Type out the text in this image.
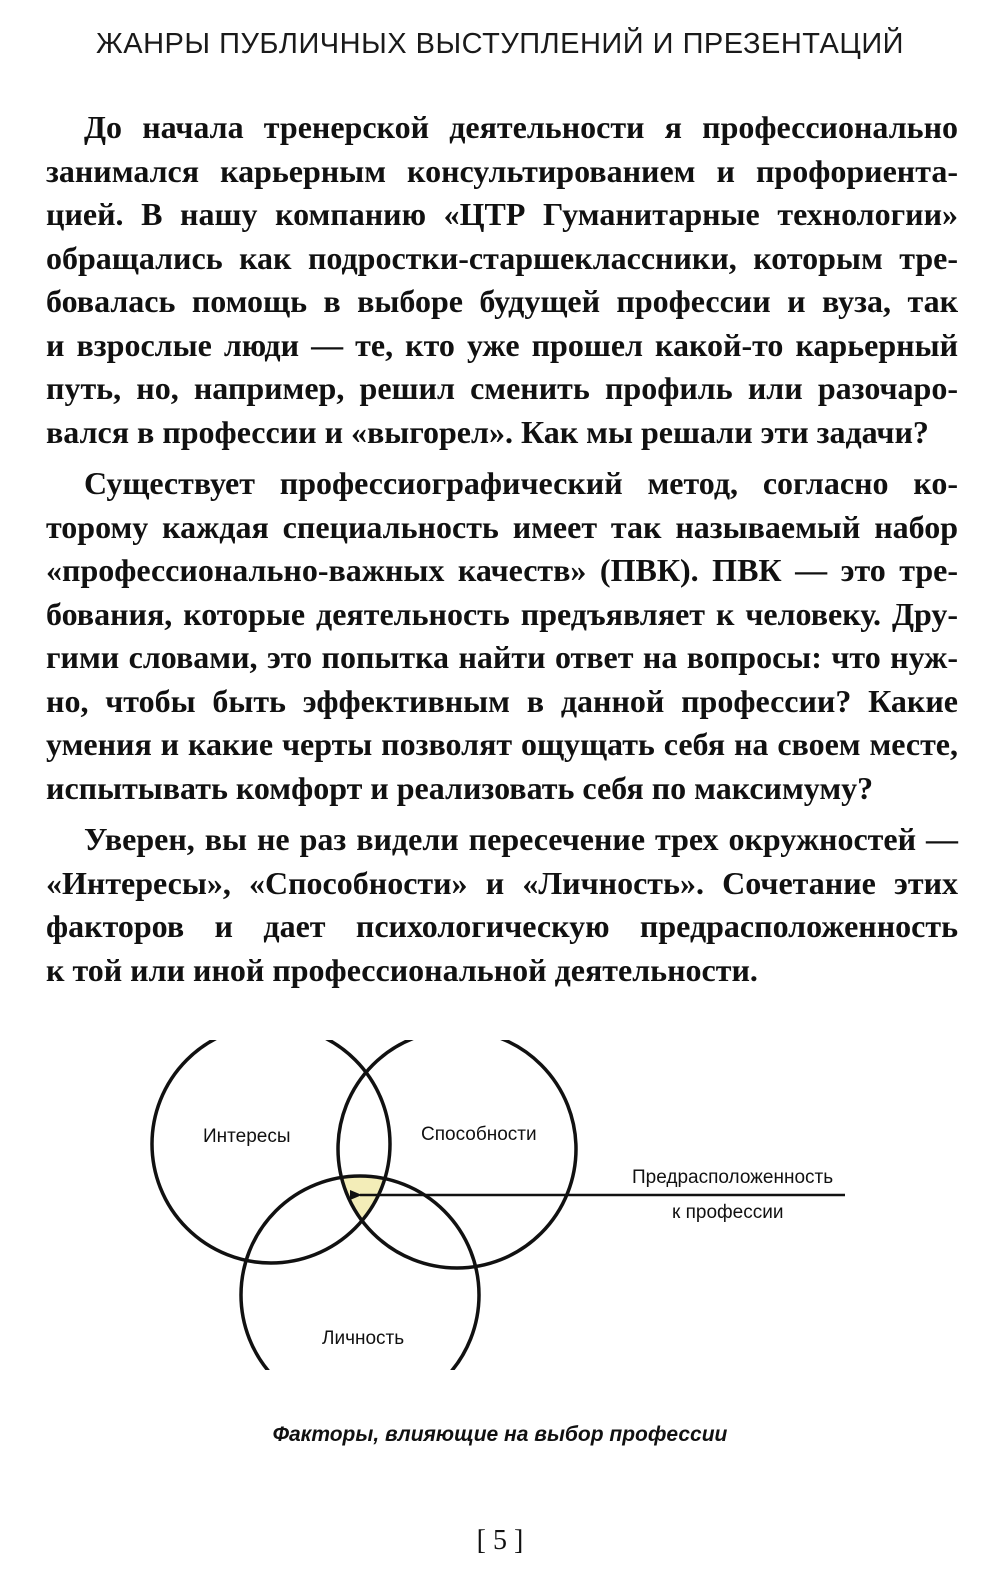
ЖАНРЫ ПУБЛИЧНЫХ ВЫСТУПЛЕНИЙ И ПРЕЗЕНТАЦИЙ
До начала тренерской деятельности я профессионально
занимался карьерным консультированием и профориента-
цией. В нашу компанию «ЦТР Гуманитарные технологии»
обращались как подростки-старшеклассники, которым тре-
бовалась помощь в выборе будущей профессии и вуза, так
и взрослые люди — те, кто уже прошел какой-то карьерный
путь, но, например, решил сменить профиль или разочаро-
вался в профессии и «выгорел». Как мы решали эти задачи?
Существует профессиографический метод, согласно ко-
торому каждая специальность имеет так называемый набор
«профессионально-важных качеств» (ПВК). ПВК — это тре-
бования, которые деятельность предъявляет к человеку. Дру-
гими словами, это попытка найти ответ на вопросы: что нуж-
но, чтобы быть эффективным в данной профессии? Какие
умения и какие черты позволят ощущать себя на своем месте,
испытывать комфорт и реализовать себя по максимуму?
Уверен, вы не раз видели пересечение трех окружностей —
«Интересы», «Способности» и «Личность». Сочетание этих
факторов и дает психологическую предрасположенность
к той или иной профессиональной деятельности.
Интересы	Способности
Личность
Предрасположенность
к профессии
Факторы, влияющие на выбор профессии
[ 5 ]
